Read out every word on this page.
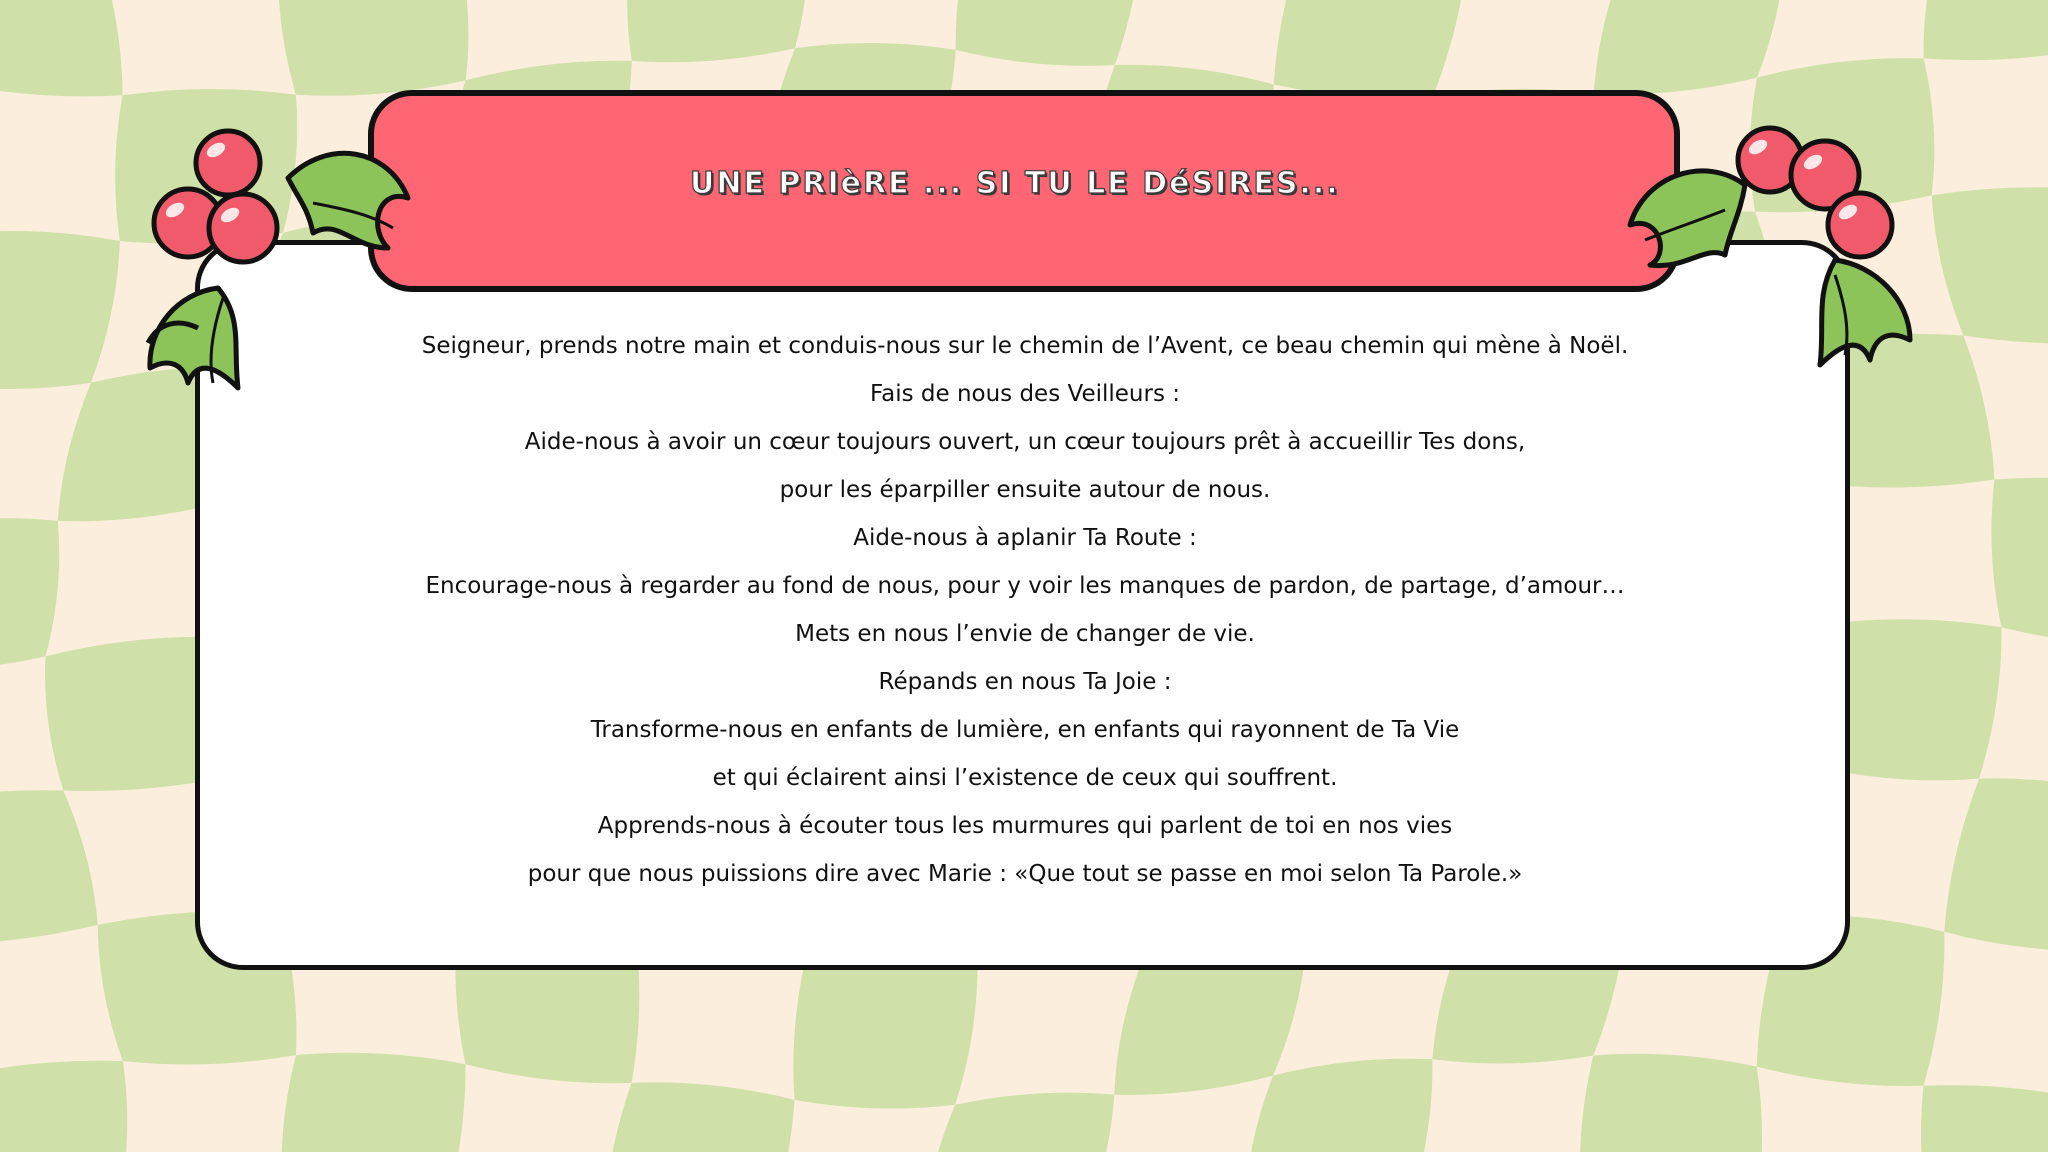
UNE PRIèRE ... SI TU LE DéSIRES...
Seigneur, prends notre main et conduis-nous sur le chemin de l’Avent, ce beau chemin qui mène à Noël.
Fais de nous des Veilleurs :
Aide-nous à avoir un cœur toujours ouvert, un cœur toujours prêt à accueillir Tes dons,
pour les éparpiller ensuite autour de nous.
Aide-nous à aplanir Ta Route :
Encourage-nous à regarder au fond de nous, pour y voir les manques de pardon, de partage, d’amour…
Mets en nous l’envie de changer de vie.
Répands en nous Ta Joie :
Transforme-nous en enfants de lumière, en enfants qui rayonnent de Ta Vie
et qui éclairent ainsi l’existence de ceux qui souffrent.
Apprends-nous à écouter tous les murmures qui parlent de toi en nos vies
pour que nous puissions dire avec Marie : «Que tout se passe en moi selon Ta Parole.»
